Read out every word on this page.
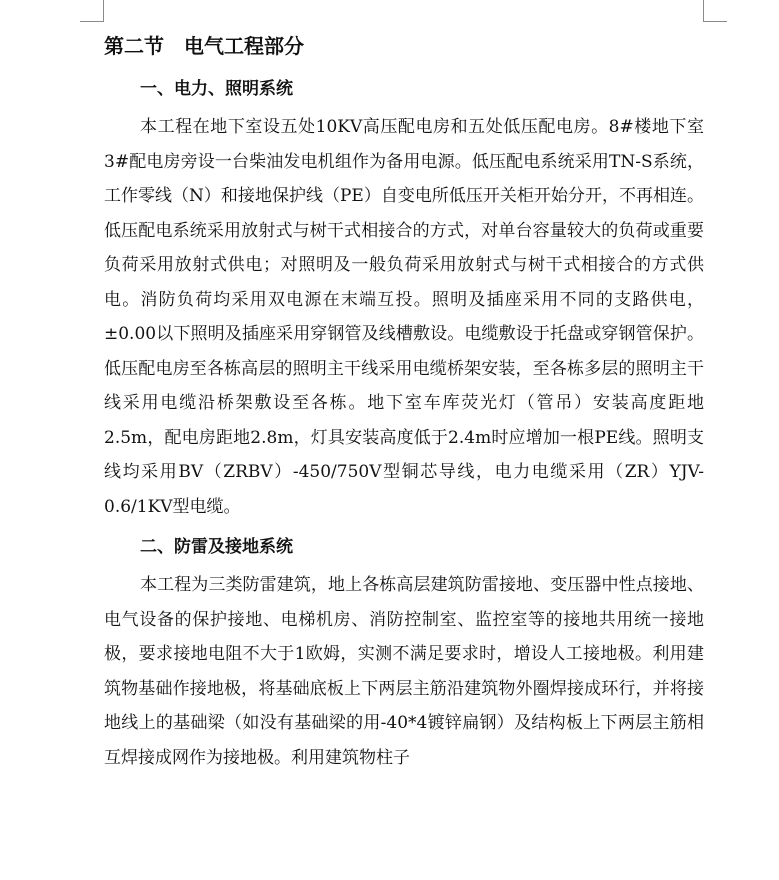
第二节　电气工程部分
一、电力、照明系统

本工程在地下室设五处10KV高压配电房和五处低压配电房。8#楼地下室3#配电房旁设一台柴油发电机组作为备用电源。低压配电系统采用TN-S系统，工作零线（N）和接地保护线（PE）自变电所低压开关柜开始分开，不再相连。低压配电系统采用放射式与树干式相接合的方式，对单台容量较大的负荷或重要负荷采用放射式供电；对照明及一般负荷采用放射式与树干式相接合的方式供电。消防负荷均采用双电源在末端互投。照明及插座采用不同的支路供电，±0.00以下照明及插座采用穿钢管及线槽敷设。电缆敷设于托盘或穿钢管保护。低压配电房至各栋高层的照明主干线采用电缆桥架安装，至各栋多层的照明主干线采用电缆沿桥架敷设至各栋。地下室车库荧光灯（管吊）安装高度距地2.5m，配电房距地2.8m，灯具安装高度低于2.4m时应增加一根PE线。照明支线均采用BV（ZRBV）-450/750V型铜芯导线，电力电缆采用（ZR）YJV-0.6/1KV型电缆。

二、防雷及接地系统

本工程为三类防雷建筑，地上各栋高层建筑防雷接地、变压器中性点接地、电气设备的保护接地、电梯机房、消防控制室、监控室等的接地共用统一接地极，要求接地电阻不大于1欧姆，实测不满足要求时，增设人工接地极。利用建筑物基础作接地极，将基础底板上下两层主筋沿建筑物外圈焊接成环行，并将接地线上的基础梁（如没有基础梁的用-40*4镀锌扁钢）及结构板上下两层主筋相互焊接成网作为接地极。利用建筑物柱子
